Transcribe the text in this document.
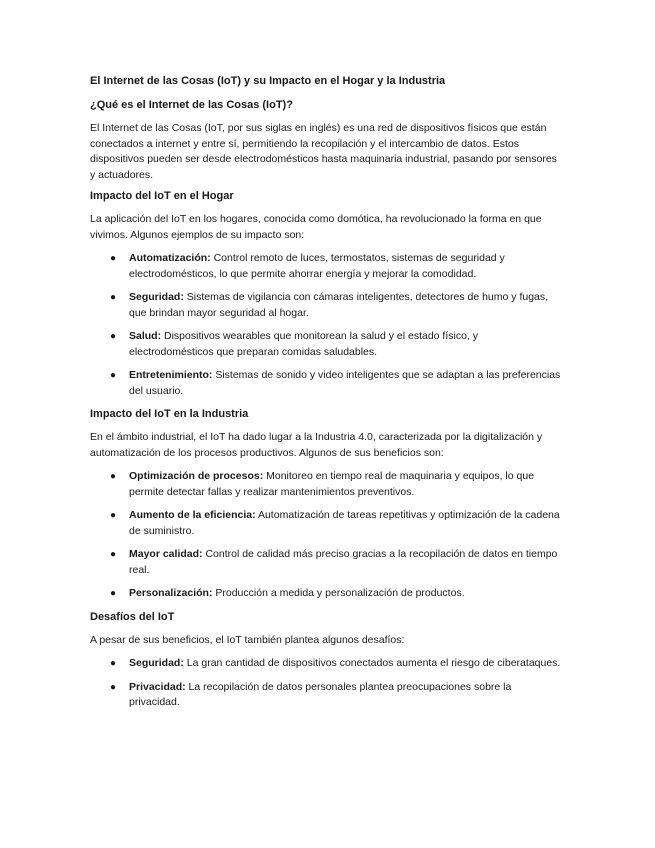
El Internet de las Cosas (IoT) y su Impacto en el Hogar y la Industria
¿Qué es el Internet de las Cosas (IoT)?
El Internet de las Cosas (IoT, por sus siglas en inglés) es una red de dispositivos físicos que están conectados a internet y entre sí, permitiendo la recopilación y el intercambio de datos. Estos dispositivos pueden ser desde electrodomésticos hasta maquinaria industrial, pasando por sensores y actuadores.
Impacto del IoT en el Hogar
La aplicación del IoT en los hogares, conocida como domótica, ha revolucionado la forma en que vivimos. Algunos ejemplos de su impacto son:
● Automatización: Control remoto de luces, termostatos, sistemas de seguridad y electrodomésticos, lo que permite ahorrar energía y mejorar la comodidad.
● Seguridad: Sistemas de vigilancia con cámaras inteligentes, detectores de humo y fugas, que brindan mayor seguridad al hogar.
● Salud: Dispositivos wearables que monitorean la salud y el estado físico, y electrodomésticos que preparan comidas saludables.
● Entretenimiento: Sistemas de sonido y video inteligentes que se adaptan a las preferencias del usuario.
Impacto del IoT en la Industria
En el ámbito industrial, el IoT ha dado lugar a la Industria 4.0, caracterizada por la digitalización y automatización de los procesos productivos. Algunos de sus beneficios son:
● Optimización de procesos: Monitoreo en tiempo real de maquinaria y equipos, lo que permite detectar fallas y realizar mantenimientos preventivos.
● Aumento de la eficiencia: Automatización de tareas repetitivas y optimización de la cadena de suministro.
● Mayor calidad: Control de calidad más preciso gracias a la recopilación de datos en tiempo real.
● Personalización: Producción a medida y personalización de productos.
Desafíos del IoT
A pesar de sus beneficios, el IoT también plantea algunos desafíos:
● Seguridad: La gran cantidad de dispositivos conectados aumenta el riesgo de ciberataques.
● Privacidad: La recopilación de datos personales plantea preocupaciones sobre la privacidad.
